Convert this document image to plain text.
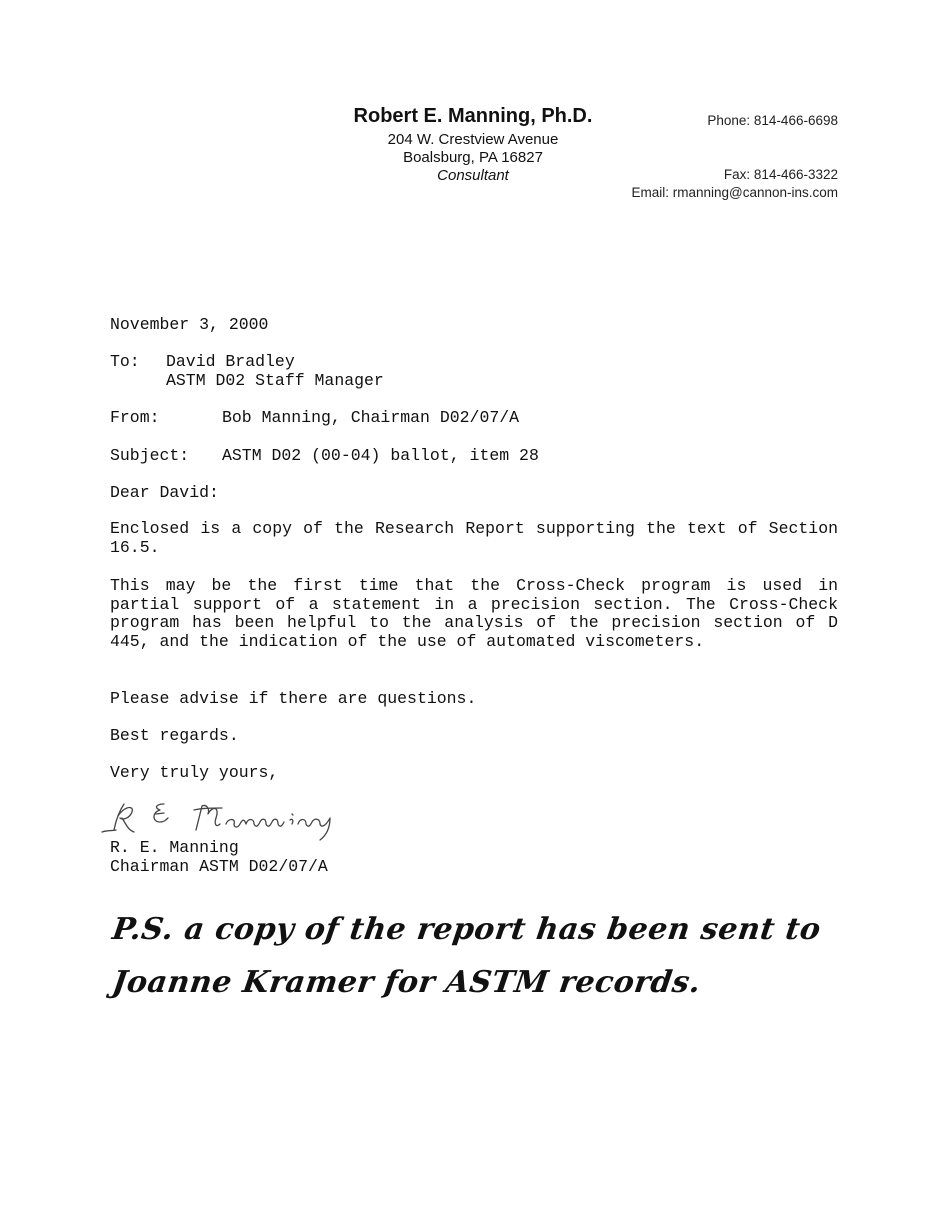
Robert E. Manning, Ph.D.
204 W. Crestview Avenue
Boalsburg, PA 16827
Consultant
Phone: 814-466-6698
Fax: 814-466-3322
Email: rmanning@cannon-ins.com
November 3, 2000
To: David Bradley
ASTM D02 Staff Manager
From:	Bob Manning, Chairman D02/07/A
Subject: ASTM D02 (00-04) ballot, item 28
Dear David:
Enclosed is a copy of the Research Report supporting the text of Section 16.5.
This may be the first time that the Cross-Check program is used in partial support of a statement in a precision section. The Cross-Check program has been helpful to the analysis of the precision section of D 445, and the indication of the use of automated viscometers.
Please advise if there are questions.
Best regards.
Very truly yours,
R. E. Manning
Chairman ASTM D02/07/A
P.S. a copy of the report has been sent to
Joanne Kramer for ASTM records.
